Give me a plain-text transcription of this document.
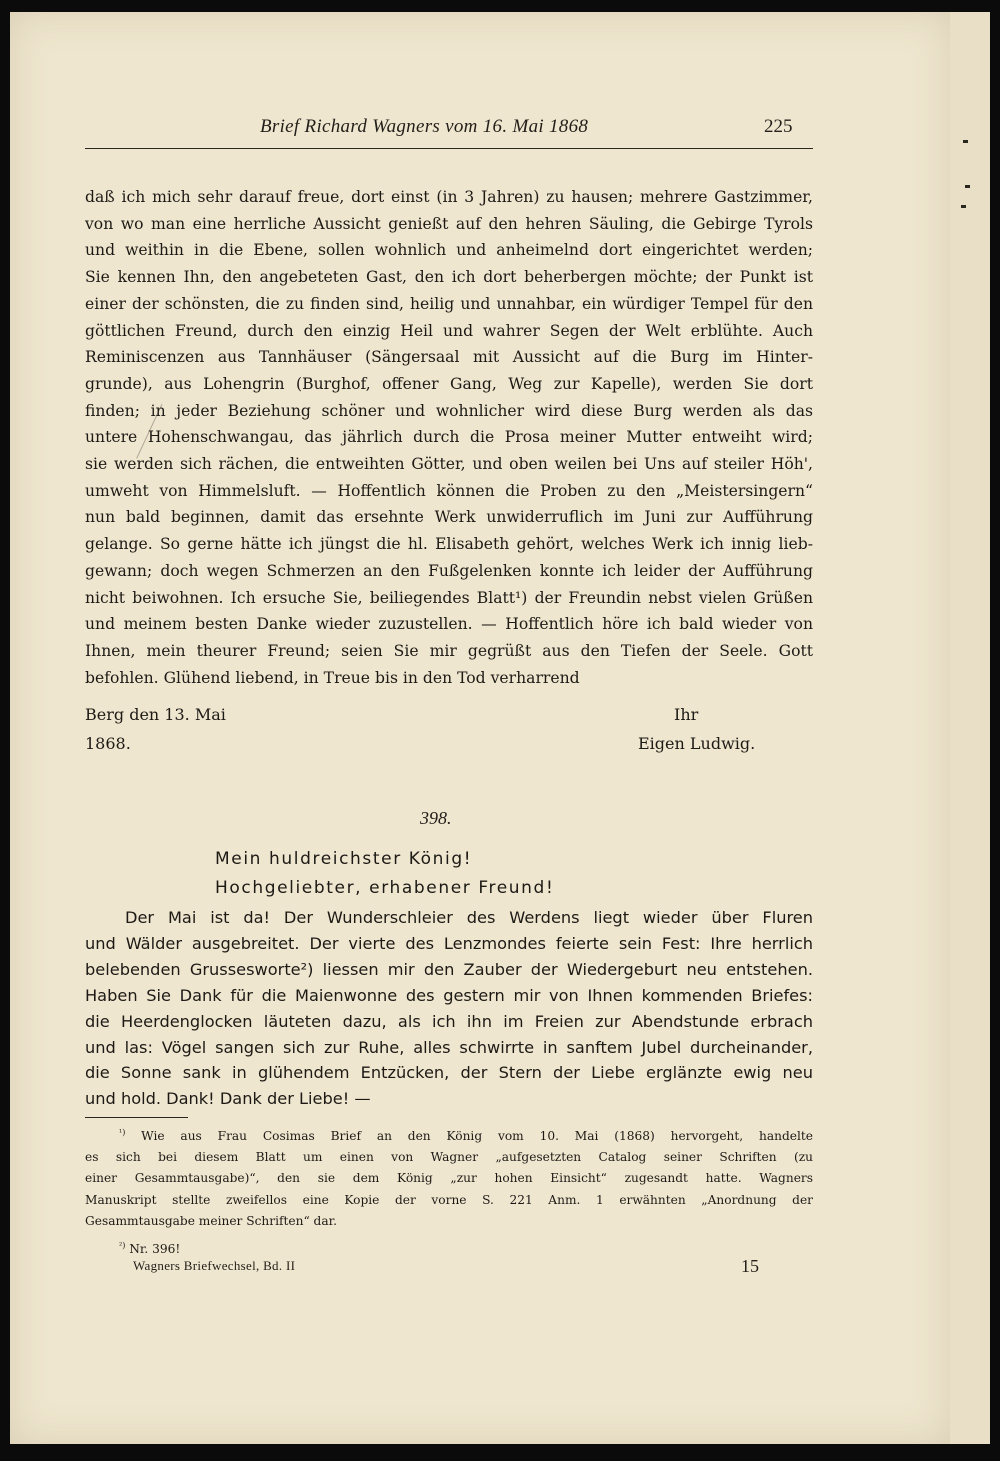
Brief Richard Wagners vom 16. Mai 1868	225
daß ich mich sehr darauf freue, dort einst (in 3 Jahren) zu hausen; mehrere Gastzimmer,
von wo man eine herrliche Aussicht genießt auf den hehren Säuling, die Gebirge Tyrols
und weithin in die Ebene, sollen wohnlich und anheimelnd dort eingerichtet werden;
Sie kennen Ihn, den angebeteten Gast, den ich dort beherbergen möchte; der Punkt ist
einer der schönsten, die zu finden sind, heilig und unnahbar, ein würdiger Tempel für den
göttlichen Freund, durch den einzig Heil und wahrer Segen der Welt erblühte. Auch
Reminiscenzen aus Tannhäuser (Sängersaal mit Aussicht auf die Burg im Hinter-
grunde), aus Lohengrin (Burghof, offener Gang, Weg zur Kapelle), werden Sie dort
finden; in jeder Beziehung schöner und wohnlicher wird diese Burg werden als das
untere Hohenschwangau, das jährlich durch die Prosa meiner Mutter entweiht wird;
sie werden sich rächen, die entweihten Götter, und oben weilen bei Uns auf steiler Höh',
umweht von Himmelsluft. — Hoffentlich können die Proben zu den „Meistersingern“
nun bald beginnen, damit das ersehnte Werk unwiderruflich im Juni zur Aufführung
gelange. So gerne hätte ich jüngst die hl. Elisabeth gehört, welches Werk ich innig lieb-
gewann; doch wegen Schmerzen an den Fußgelenken konnte ich leider der Aufführung
nicht beiwohnen. Ich ersuche Sie, beiliegendes Blatt¹) der Freundin nebst vielen Grüßen
und meinem besten Danke wieder zuzustellen. — Hoffentlich höre ich bald wieder von
Ihnen, mein theurer Freund; seien Sie mir gegrüßt aus den Tiefen der Seele. Gott
befohlen. Glühend liebend, in Treue bis in den Tod verharrend
Berg den 13. Mai
1868.
Ihr
Eigen Ludwig.
398.
Mein huldreichster König!
Hochgeliebter, erhabener Freund!
Der Mai ist da! Der Wunderschleier des Werdens liegt wieder über Fluren
und Wälder ausgebreitet. Der vierte des Lenzmondes feierte sein Fest: Ihre herrlich
belebenden Grussesworte²) liessen mir den Zauber der Wiedergeburt neu entstehen.
Haben Sie Dank für die Maienwonne des gestern mir von Ihnen kommenden Briefes:
die Heerdenglocken läuteten dazu, als ich ihn im Freien zur Abendstunde erbrach
und las: Vögel sangen sich zur Ruhe, alles schwirrte in sanftem Jubel durcheinander,
die Sonne sank in glühendem Entzücken, der Stern der Liebe erglänzte ewig neu
und hold. Dank! Dank der Liebe! —
$^{^1)}$ Wie aus Frau Cosimas Brief an den König vom 10. Mai (1868) hervorgeht, handelte
es sich bei diesem Blatt um einen von Wagner „aufgesetzten Catalog seiner Schriften (zu
einer Gesammtausgabe)“, den sie dem König „zur hohen Einsicht“ zugesandt hatte. Wagners
Manuskript stellte zweifellos eine Kopie der vorne S. 221 Anm. 1 erwähnten „Anordnung der
Gesammtausgabe meiner Schriften“ dar.
$^{^2)}$ Nr. 396!
Wagners Briefwechsel, Bd. II	15
